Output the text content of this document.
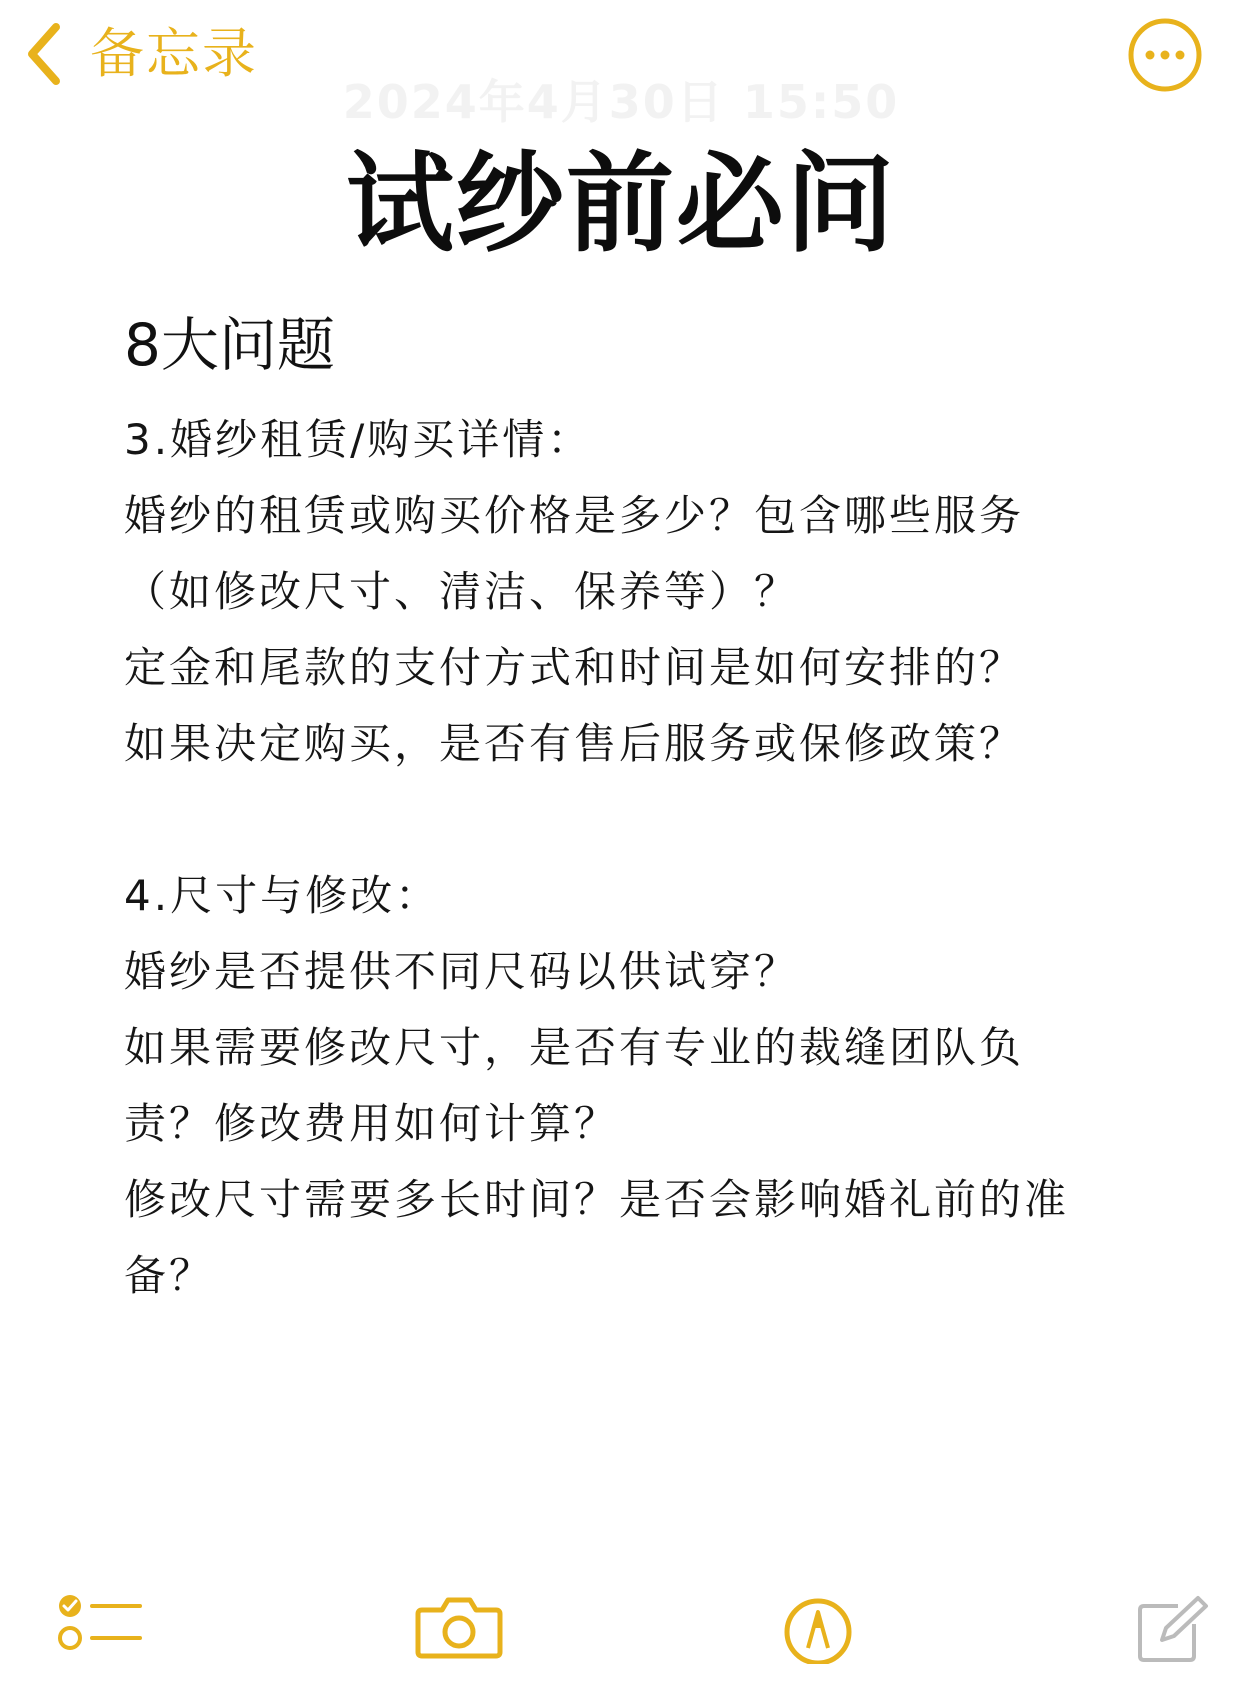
备忘录
2024年4月30日 15:50
试纱前必问
8大问题
3.婚纱租赁/购买详情：
婚纱的租赁或购买价格是多少？包含哪些服务
（如修改尺寸、清洁、保养等）？
定金和尾款的支付方式和时间是如何安排的？
如果决定购买，是否有售后服务或保修政策？
4.尺寸与修改：
婚纱是否提供不同尺码以供试穿？
如果需要修改尺寸，是否有专业的裁缝团队负
责？修改费用如何计算？
修改尺寸需要多长时间？是否会影响婚礼前的准
备？
